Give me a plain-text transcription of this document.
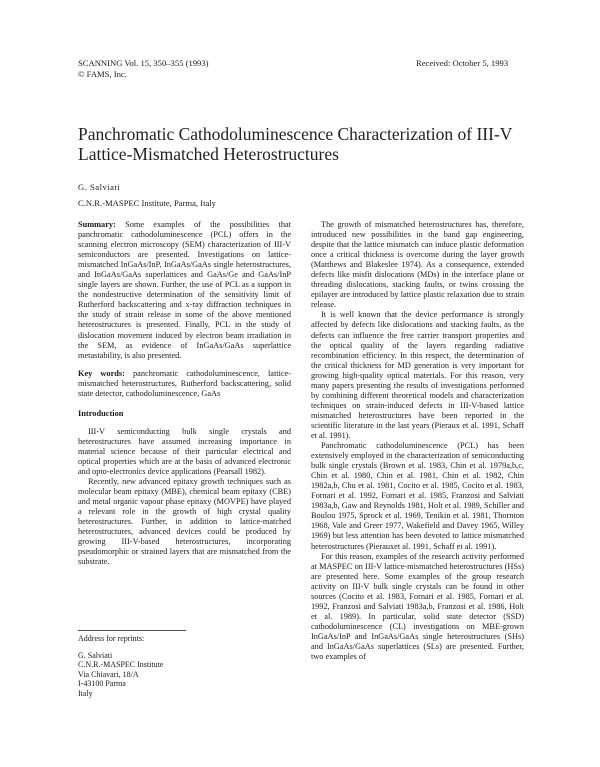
SCANNING Vol. 15, 350–355 (1993)
© FAMS, Inc.
Received: October 5, 1993
Panchromatic Cathodoluminescence Characterization of III-V Lattice-Mismatched Heterostructures
G. Salviati
C.N.R.-MASPEC Institute, Parma, Italy

Summary: Some examples of the possibilities that panchromatic cathodoluminescence (PCL) offers in the scanning electron microscopy (SEM) characterization of III-V semiconductors are presented. Investigations on lattice-mismatched InGaAs/InP, InGaAs/GaAs single heterostructures, and InGaAs/GaAs superlattices and GaAs/Ge and GaAs/InP single layers are shown. Further, the use of PCL as a support in the nondestructive determination of the sensitivity limit of Rutherford backscattering and x-ray diffraction techniques in the study of strain release in some of the above mentioned heterostructures is presented. Finally, PCL in the study of dislocation movement induced by electron beam irradiation in the SEM, as evidence of InGaAs/GaAs superlattice metastability, is also presented.

Key words: panchromatic cathodoluminescence, lattice-mismatched heterostructures, Rutherford backscattering, solid state detector, cathodoluminescence, GaAs

Introduction

III-V semiconducting bulk single crystals and heterostructures have assumed increasing importance in material science because of their particular electrical and optical properties which are at the basis of advanced electronic and opto-electronics device applications (Pearsall 1982).

Recently, new advanced epitaxy growth techniques such as molecular beam epitaxy (MBE), chemical beam epitaxy (CBE) and metal organic vapour phase epitaxy (MOVPE) have played a relevant role in the growth of high crystal quality heterostructures. Further, in addition to lattice-matched heterostructures, advanced devices could be produced by growing III-V-based heterostructures, incorporating pseudomorphic or strained layers that are mismatched from the substrate.

Address for reprints:
G. Salviati
C.N.R.-MASPEC Institute
Via Chiavari, 18/A
I-43100 Parma
Italy

The growth of mismatched heterostructures has, therefore, introduced new possibilities in the band gap engineering, despite that the lattice mismatch can induce plastic deformation once a critical thickness is overcome during the layer growth (Matthews and Blakeslee 1974). As a consequence, extended defects like misfit dislocations (MDs) in the interface plane or threading dislocations, stacking faults, or twins crossing the epilayer are introduced by lattice plastic relaxation due to strain release.

It is well known that the device performance is strongly affected by defects like dislocations and stacking faults, as the defects can influence the free carrier transport properties and the optical quality of the layers regarding radiative recombination efficiency. In this respect, the determination of the critical thickness for MD generation is very important for growing high-quality optical materials. For this reason, very many papers presenting the results of investigations performed by combining different theoretical models and characterization techniques on strain-induced defects in III-V-based lattice mismatched heterostructures have been reported in the scientific literature in the last years (Pieraux et al. 1991, Schaff et al. 1991).

Panchromatic cathodoluminescence (PCL) has been extensively employed in the characterization of semiconducting bulk single crystals (Brown et al. 1983, Chin et al. 1979a,b,c, Chin et al. 1980, Chin et al. 1981, Chin et al. 1982, Chin 1982a,b, Chu et al. 1981, Cocito et al. 1985, Cocito et al. 1983, Fornari et al. 1992, Fornari et al. 1985, Franzosi and Salviati 1983a,b, Gaw and Reynolds 1981, Holt et al. 1989, Schiller and Boulou 1975, Sprock et al. 1969, Tenikin et al. 1981, Thornton 1968, Vale and Greer 1977, Wakefield and Davey 1965, Willey 1969) but less attention has been devoted to lattice mismatched heterostructures (Pierauxet al. 1991, Schaff et al. 1991).

For this reason, examples of the research activity performed at MASPEC on III-V lattice-mismatched heterostructures (HSs) are presented here. Some examples of the group research activity on III-V bulk single crystals can be found in other sources (Cocito et al. 1983, Fornari et al. 1985, Fornari et al. 1992, Franzosi and Salviati 1983a,b, Franzosi et al. 1986, Holt et al. 1989). In particular, solid state detector (SSD) cathodoluminescence (CL) investigations on MBE-grown InGaAs/InP and InGaAs/GaAs single heterostructures (SHs) and InGaAs/GaAs superlattices (SLs) are presented. Further, two examples of
